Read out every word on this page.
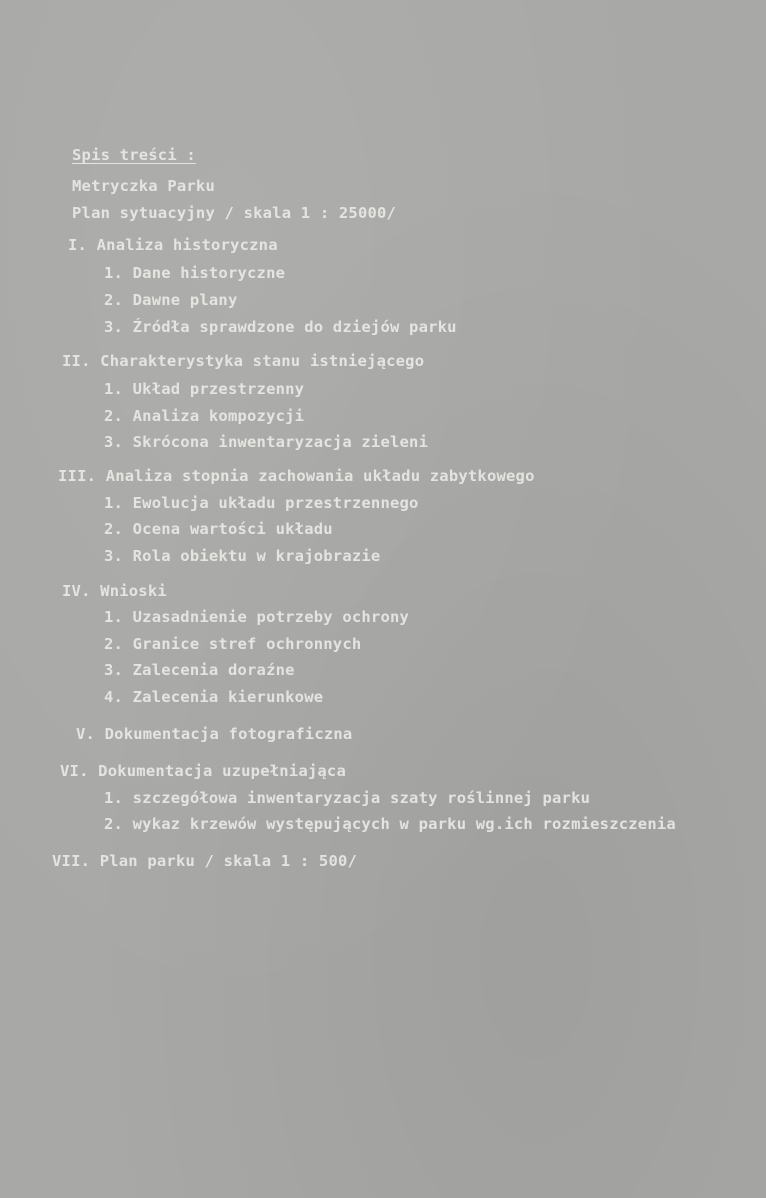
Spis treści :
Metryczka Parku
Plan sytuacyjny / skala 1 : 25000/
I. Analiza historyczna
1. Dane historyczne
2. Dawne plany
3. Źródła sprawdzone do dziejów parku
II. Charakterystyka stanu istniejącego
1. Układ przestrzenny
2. Analiza kompozycji
3. Skrócona inwentaryzacja zieleni
III. Analiza stopnia zachowania układu zabytkowego
1. Ewolucja układu przestrzennego
2. Ocena wartości układu
3. Rola obiektu w krajobrazie
IV. Wnioski
1. Uzasadnienie potrzeby ochrony
2. Granice stref ochronnych
3. Zalecenia doraźne
4. Zalecenia kierunkowe
V. Dokumentacja fotograficzna
VI. Dokumentacja uzupełniająca
1. szczegółowa inwentaryzacja szaty roślinnej parku
2. wykaz krzewów występujących w parku wg.ich rozmieszczenia
VII. Plan parku / skala 1 : 500/
